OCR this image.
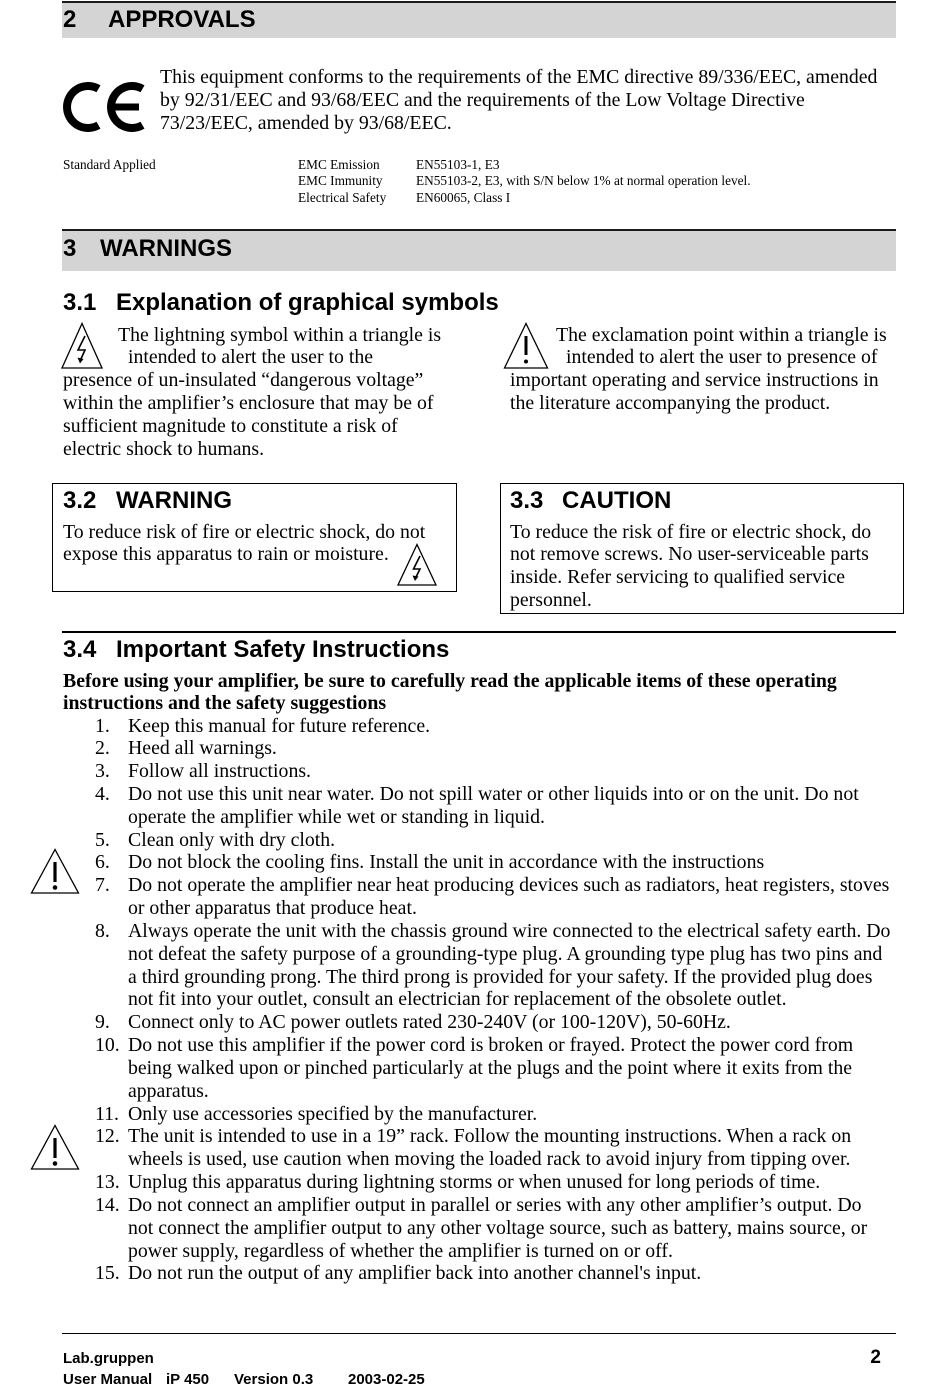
2 APPROVALS
This equipment conforms to the requirements of the EMC directive 89/336/EEC, amended
by 92/31/EEC and 93/68/EEC and the requirements of the Low Voltage Directive
73/23/EEC, amended by 93/68/EEC.
Standard Applied	EMC Emission
EMC Immunity
Electrical Safety
EN55103-1, E3
EN55103-2, E3, with S/N below 1% at normal operation level.
EN60065, Class I
3 WARNINGS
3.1 Explanation of graphical symbols
The lightning symbol within a triangle is
intended to alert the user to the
presence of un-insulated “dangerous voltage”
within the amplifier’s enclosure that may be of
sufficient magnitude to constitute a risk of
electric shock to humans.
The exclamation point within a triangle is
intended to alert the user to presence of
important operating and service instructions in
the literature accompanying the product.
3.2 WARNING
To reduce risk of fire or electric shock, do not
expose this apparatus to rain or moisture.
3.3 CAUTION
To reduce the risk of fire or electric shock, do
not remove screws. No user-serviceable parts
inside. Refer servicing to qualified service
personnel.
3.4 Important Safety Instructions
Before using your amplifier, be sure to carefully read the applicable items of these operating
instructions and the safety suggestions
1. Keep this manual for future reference.
2. Heed all warnings.
3. Follow all instructions.
4. Do not use this unit near water. Do not spill water or other liquids into or on the unit. Do not
operate the amplifier while wet or standing in liquid.
5. Clean only with dry cloth.
6. Do not block the cooling fins. Install the unit in accordance with the instructions
7. Do not operate the amplifier near heat producing devices such as radiators, heat registers, stoves
or other apparatus that produce heat.
8. Always operate the unit with the chassis ground wire connected to the electrical safety earth. Do
not defeat the safety purpose of a grounding-type plug. A grounding type plug has two pins and
a third grounding prong. The third prong is provided for your safety. If the provided plug does
not fit into your outlet, consult an electrician for replacement of the obsolete outlet.
9. Connect only to AC power outlets rated 230-240V (or 100-120V), 50-60Hz.
10. Do not use this amplifier if the power cord is broken or frayed. Protect the power cord from
being walked upon or pinched particularly at the plugs and the point where it exits from the
apparatus.
11. Only use accessories specified by the manufacturer.
12. The unit is intended to use in a 19” rack. Follow the mounting instructions. When a rack on
wheels is used, use caution when moving the loaded rack to avoid injury from tipping over.
13. Unplug this apparatus during lightning storms or when unused for long periods of time.
14. Do not connect an amplifier output in parallel or series with any other amplifier’s output. Do
not connect the amplifier output to any other voltage source, such as battery, mains source, or
power supply, regardless of whether the amplifier is turned on or off.
15. Do not run the output of any amplifier back into another channel's input.
Lab.gruppen	2
User Manual iP 450 Version 0.3 2003-02-25
